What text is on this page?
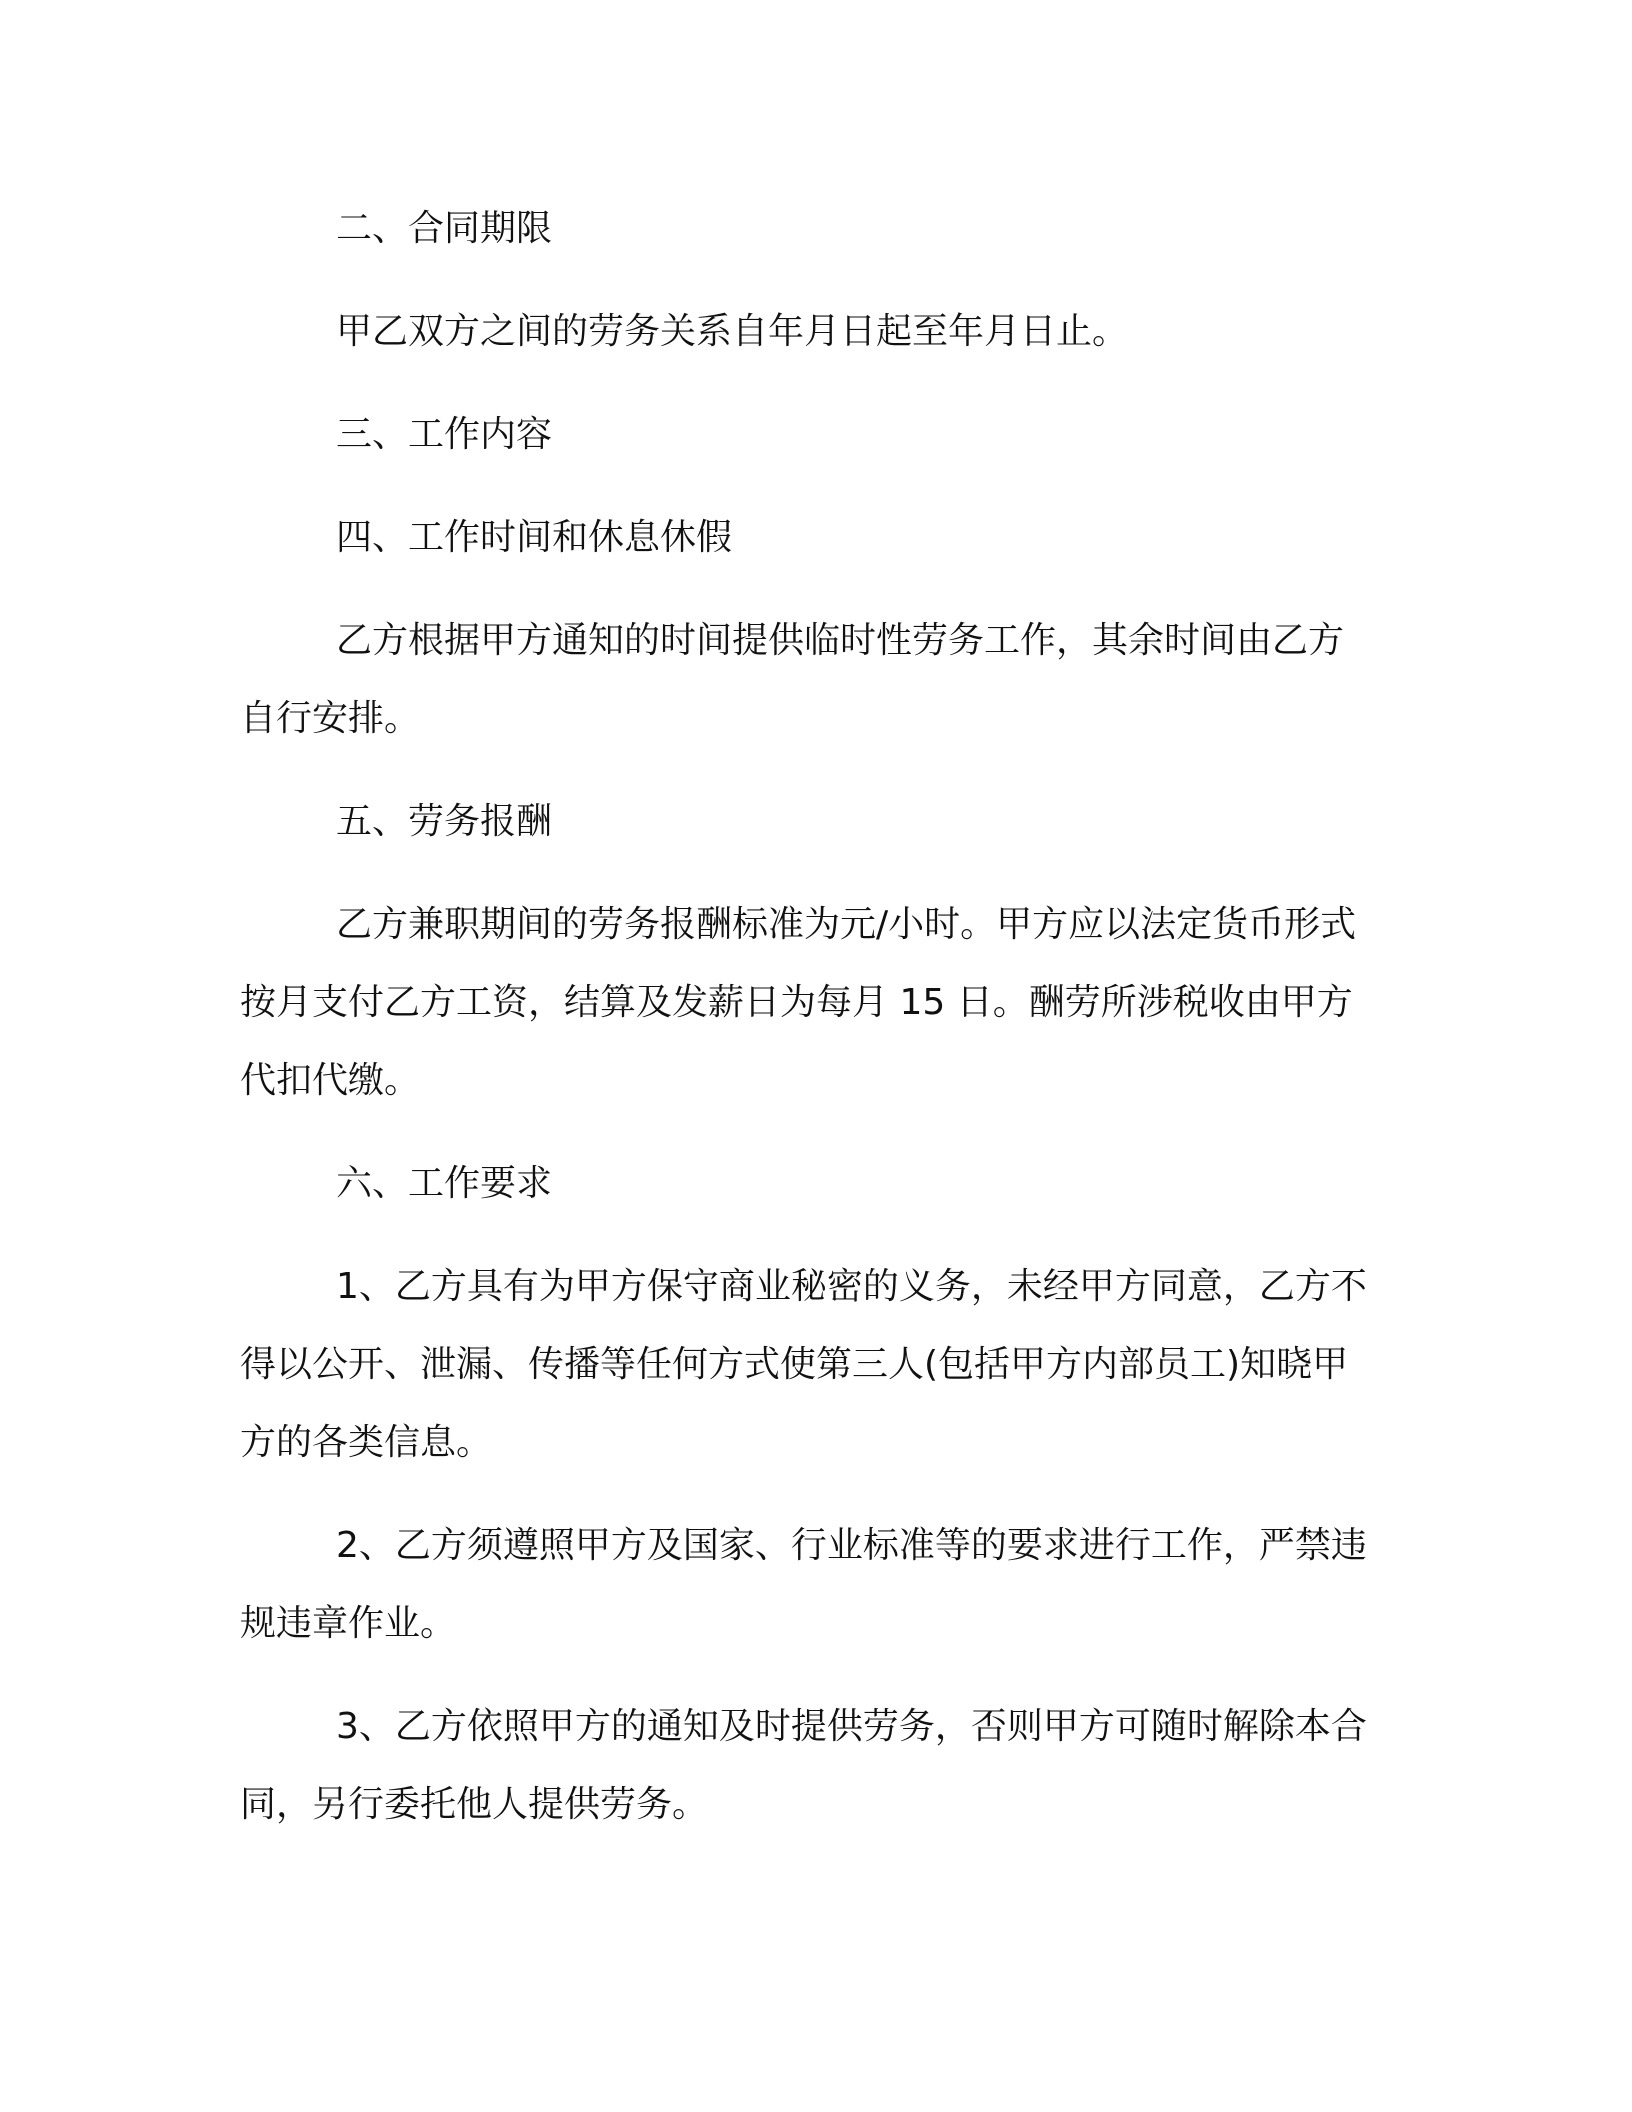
二、合同期限

甲乙双方之间的劳务关系自年月日起至年月日止。

三、工作内容

四、工作时间和休息休假

乙方根据甲方通知的时间提供临时性劳务工作，其余时间由乙方自行安排。

五、劳务报酬

乙方兼职期间的劳务报酬标准为元/小时。甲方应以法定货币形式按月支付乙方工资，结算及发薪日为每月 15 日。酬劳所涉税收由甲方代扣代缴。

六、工作要求

1、乙方具有为甲方保守商业秘密的义务，未经甲方同意，乙方不得以公开、泄漏、传播等任何方式使第三人(包括甲方内部员工)知晓甲方的各类信息。

2、乙方须遵照甲方及国家、行业标准等的要求进行工作，严禁违规违章作业。

3、乙方依照甲方的通知及时提供劳务，否则甲方可随时解除本合同，另行委托他人提供劳务。
